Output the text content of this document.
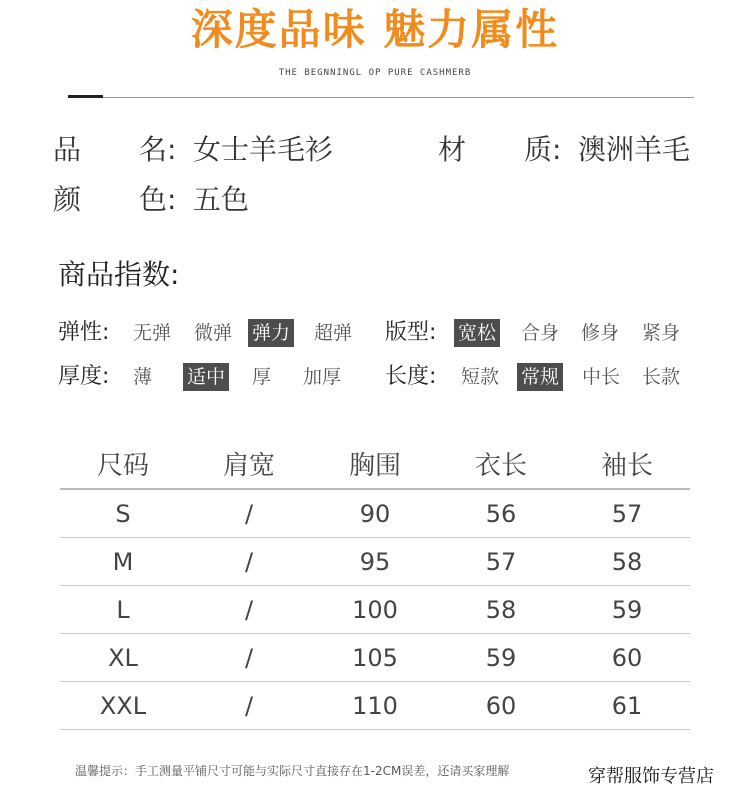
深度品味 魅力属性
THE BEGNNINGL OP PURE CASHMERB
品 名: 女士羊毛衫	材 质: 澳洲羊毛
颜 色: 五色
商品指数:
弹性: 无弹 微弹 弹力 超弹 版型: 宽松 合身 修身 紧身
厚度: 薄 适中 厚 加厚 长度: 短款 常规 中长 长款
尺码	肩宽	胸围	衣长	袖长
S	/	90	56	57
M	/	95	57	58
L	/	100	58	59
XL	/	105	59	60
XXL	/	110	60	61
温馨提示：手工测量平铺尺寸可能与实际尺寸直接存在1-2CM误差，还请买家理解	穿帮服饰专营店
